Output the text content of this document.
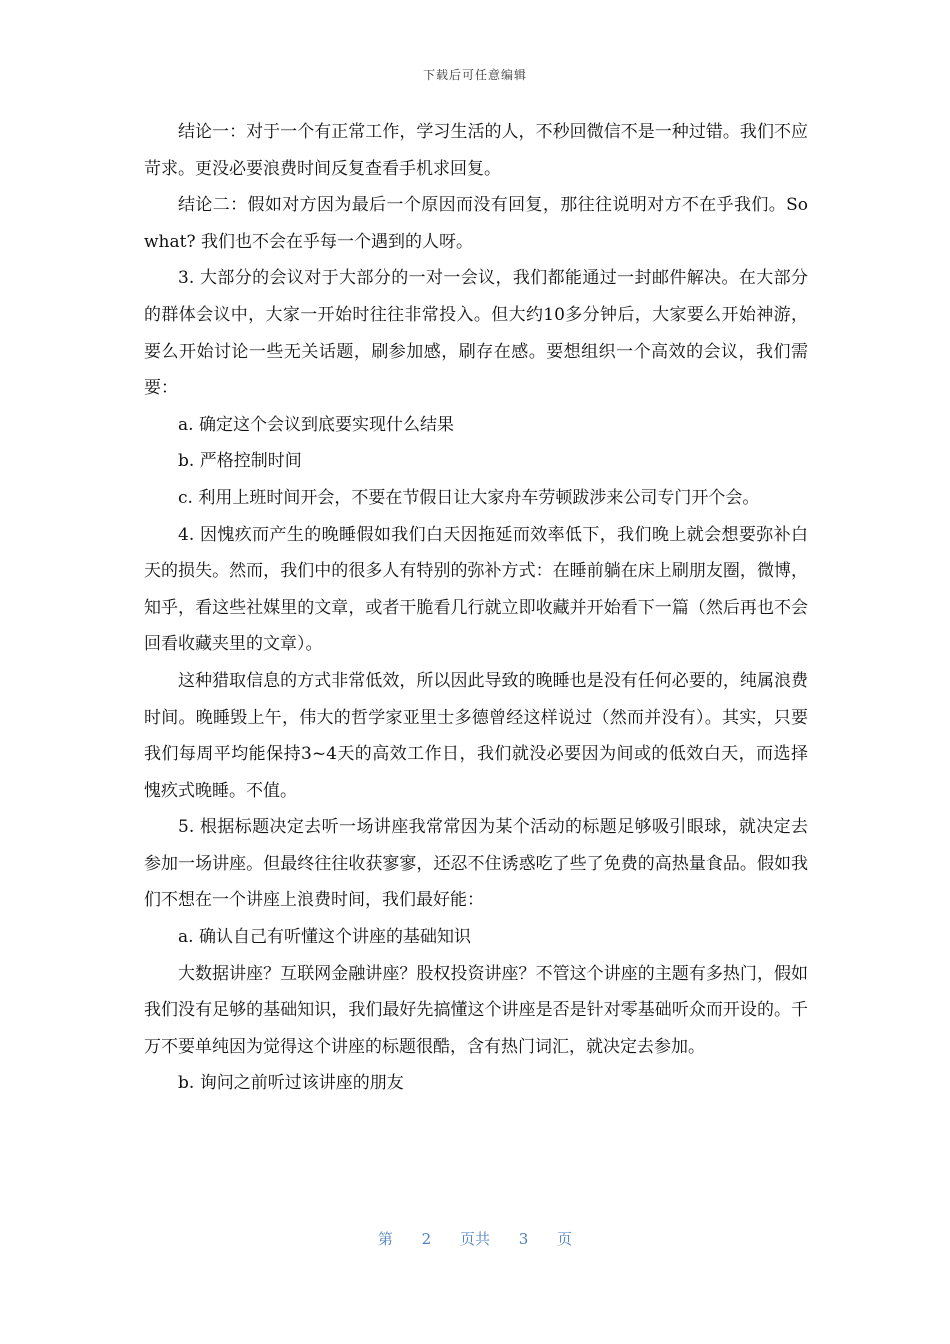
下载后可任意编辑

结论一：对于一个有正常工作，学习生活的人，不秒回微信不是一种过错。我们不应苛求。更没必要浪费时间反复查看手机求回复。

结论二：假如对方因为最后一个原因而没有回复，那往往说明对方不在乎我们。So what? 我们也不会在乎每一个遇到的人呀。

3. 大部分的会议对于大部分的一对一会议，我们都能通过一封邮件解决。在大部分的群体会议中，大家一开始时往往非常投入。但大约10多分钟后，大家要么开始神游，要么开始讨论一些无关话题，刷参加感，刷存在感。要想组织一个高效的会议，我们需要：

a. 确定这个会议到底要实现什么结果

b. 严格控制时间

c. 利用上班时间开会，不要在节假日让大家舟车劳顿跋涉来公司专门开个会。

4. 因愧疚而产生的晚睡假如我们白天因拖延而效率低下，我们晚上就会想要弥补白天的损失。然而，我们中的很多人有特别的弥补方式：在睡前躺在床上刷朋友圈，微博，知乎，看这些社媒里的文章，或者干脆看几行就立即收藏并开始看下一篇（然后再也不会回看收藏夹里的文章）。

这种猎取信息的方式非常低效，所以因此导致的晚睡也是没有任何必要的，纯属浪费时间。晚睡毁上午，伟大的哲学家亚里士多德曾经这样说过（然而并没有）。其实，只要我们每周平均能保持3~4天的高效工作日，我们就没必要因为间或的低效白天，而选择愧疚式晚睡。不值。

5. 根据标题决定去听一场讲座我常常因为某个活动的标题足够吸引眼球，就决定去参加一场讲座。但最终往往收获寥寥，还忍不住诱惑吃了些了免费的高热量食品。假如我们不想在一个讲座上浪费时间，我们最好能：

a. 确认自己有听懂这个讲座的基础知识

大数据讲座？互联网金融讲座？股权投资讲座？不管这个讲座的主题有多热门，假如我们没有足够的基础知识，我们最好先搞懂这个讲座是否是针对零基础听众而开设的。千万不要单纯因为觉得这个讲座的标题很酷，含有热门词汇，就决定去参加。

b. 询问之前听过该讲座的朋友

第 2 页共 3 页
